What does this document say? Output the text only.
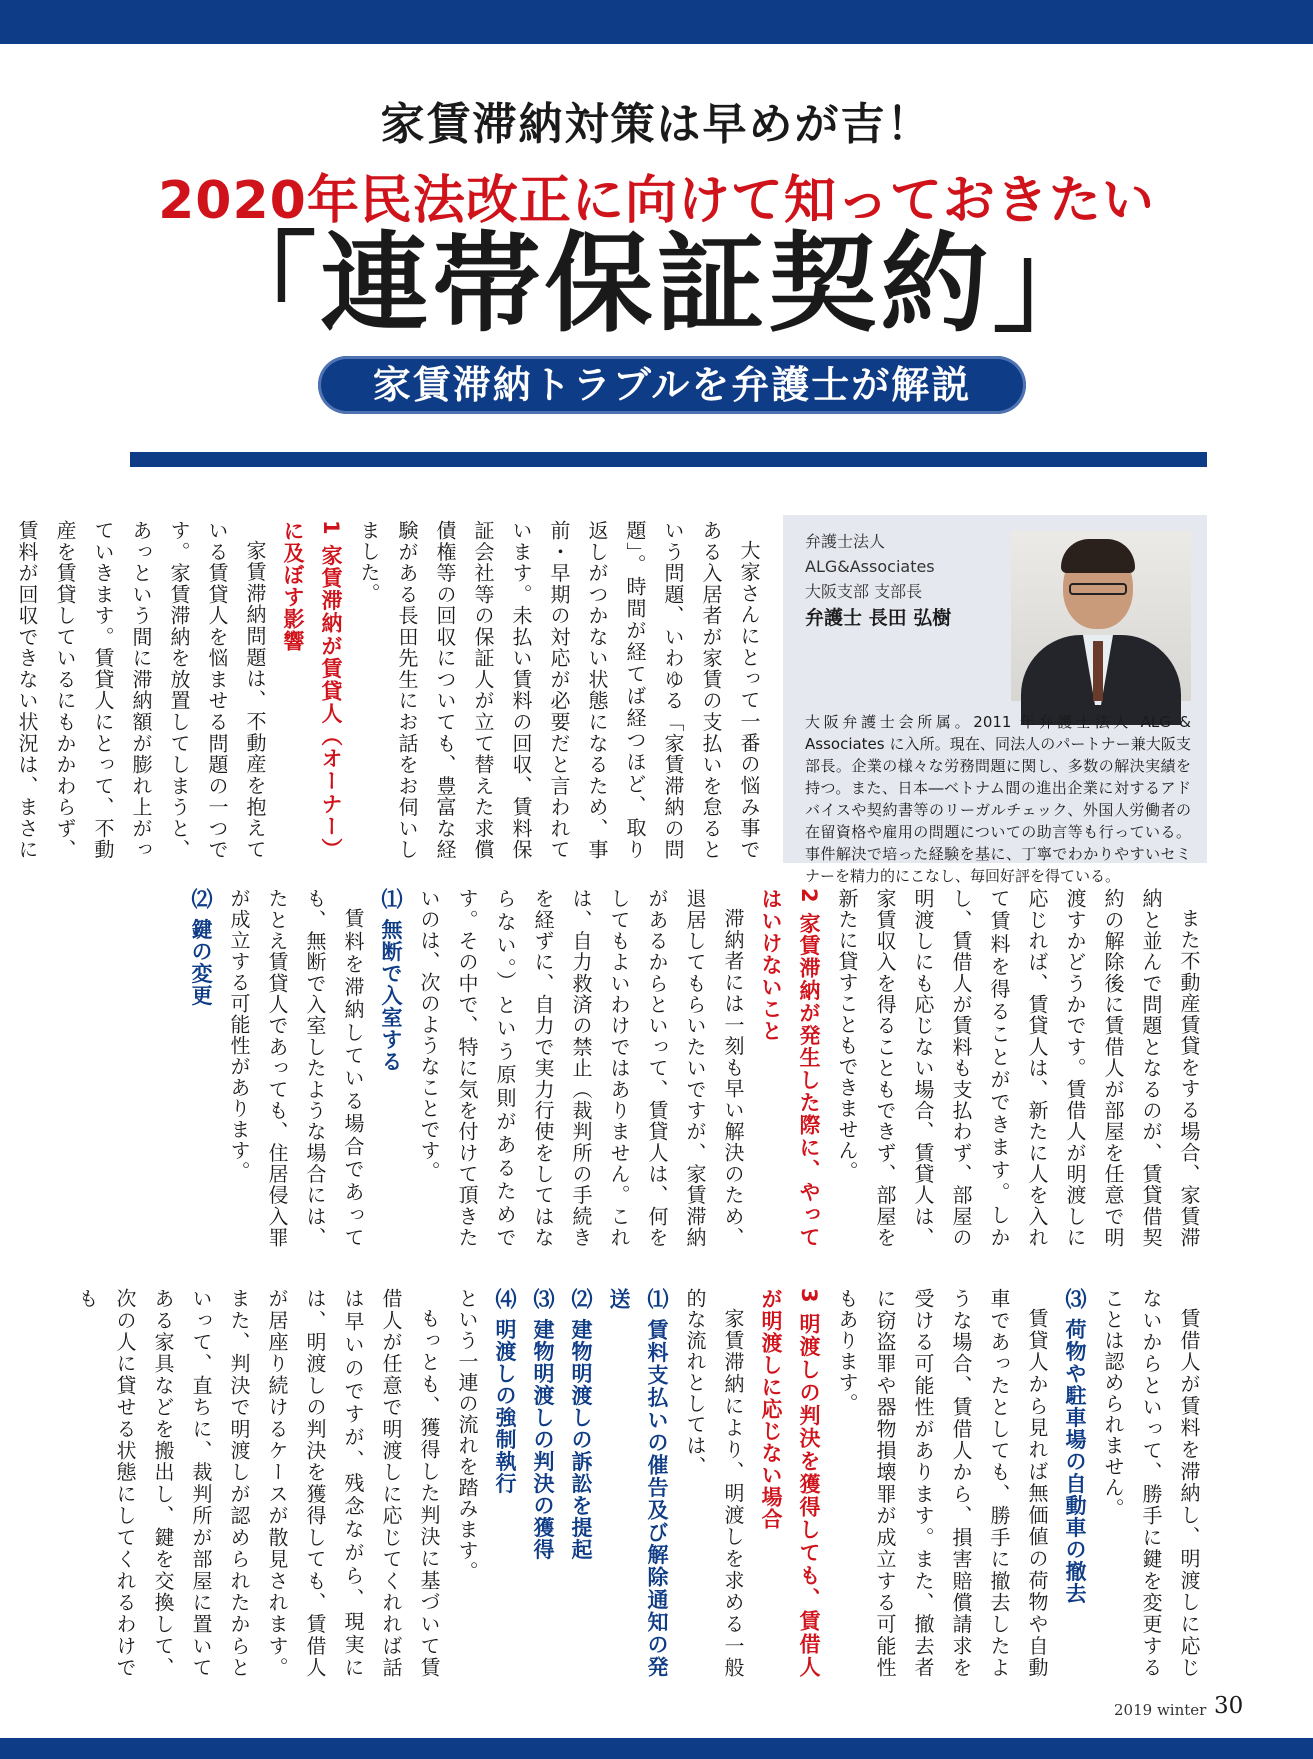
家賃滞納対策は早めが吉！
2020年民法改正に向けて知っておきたい
「連帯保証契約」
家賃滞納トラブルを弁護士が解説
弁護士法人
ALG&Associates
大阪支部 支部長
弁護士 長田 弘樹
大阪弁護士会所属。2011 年弁護士法人 ALG & Associates に入所。現在、同法人のパートナー兼大阪支部長。企業の様々な労務問題に関し、多数の解決実績を持つ。また、日本―ベトナム間の進出企業に対するアドバイスや契約書等のリーガルチェック、外国人労働者の在留資格や雇用の問題についての助言等も行っている。事件解決で培った経験を基に、丁寧でわかりやすいセミナーを精力的にこなし、毎回好評を得ている。

大家さんにとって一番の悩み事である入居者が家賃の支払いを怠るという問題、いわゆる「家賃滞納の問題」。時間が経てば経つほど、取り返しがつかない状態になるため、事前・早期の対応が必要だと言われています。未払い賃料の回収、賃料保証会社等の保証人が立て替えた求償債権等の回収についても、豊富な経験がある長田先生にお話をお伺いしました。

1 家賃滞納が賃貸人（オーナー）に及ぼす影響

家賃滞納問題は、不動産を抱えている賃貸人を悩ませる問題の一つです。家賃滞納を放置してしまうと、あっという間に滞納額が膨れ上がっていきます。賃貸人にとって、不動産を賃貸しているにもかかわらず、賃料が回収できない状況は、まさに

また不動産賃貸をする場合、家賃滞納と並んで問題となるのが、賃貸借契約の解除後に賃借人が部屋を任意で明渡すかどうかです。賃借人が明渡しに応じれば、賃貸人は、新たに人を入れて賃料を得ることができます。しかし、賃借人が賃料も支払わず、部屋の明渡しにも応じない場合、賃貸人は、家賃収入を得ることもできず、部屋を新たに貸すこともできません。

2 家賃滞納が発生した際に、やってはいけないこと

滞納者には一刻も早い解決のため、退居してもらいたいですが、家賃滞納があるからといって、賃貸人は、何をしてもよいわけではありません。これは、自力救済の禁止（裁判所の手続きを経ずに、自力で実力行使をしてはならない。）という原則があるためです。その中で、特に気を付けて頂きたいのは、次のようなことです。

⑴ 無断で入室する

賃料を滞納している場合であっても、無断で入室したような場合には、たとえ賃貸人であっても、住居侵入罪が成立する可能性があります。

⑵ 鍵の変更

賃借人が賃料を滞納し、明渡しに応じないからといって、勝手に鍵を変更することは認められません。

⑶ 荷物や駐車場の自動車の撤去

賃貸人から見れば無価値の荷物や自動車であったとしても、勝手に撤去したような場合、賃借人から、損害賠償請求を受ける可能性があります。また、撤去者に窃盗罪や器物損壊罪が成立する可能性もあります。

3 明渡しの判決を獲得しても、賃借人が明渡しに応じない場合

家賃滞納により、明渡しを求める一般的な流れとしては、

⑴ 賃料支払いの催告及び解除通知の発送

⑵ 建物明渡しの訴訟を提起

⑶ 建物明渡しの判決の獲得

⑷ 明渡しの強制執行

という一連の流れを踏みます。

もっとも、獲得した判決に基づいて賃借人が任意で明渡しに応じてくれれば話は早いのですが、残念ながら、現実には、明渡しの判決を獲得しても、賃借人が居座り続けるケースが散見されます。また、判決で明渡しが認められたからといって、直ちに、裁判所が部屋に置いてある家具などを搬出し、鍵を交換して、次の人に貸せる状態にしてくれるわけでも

2019 winter 30
